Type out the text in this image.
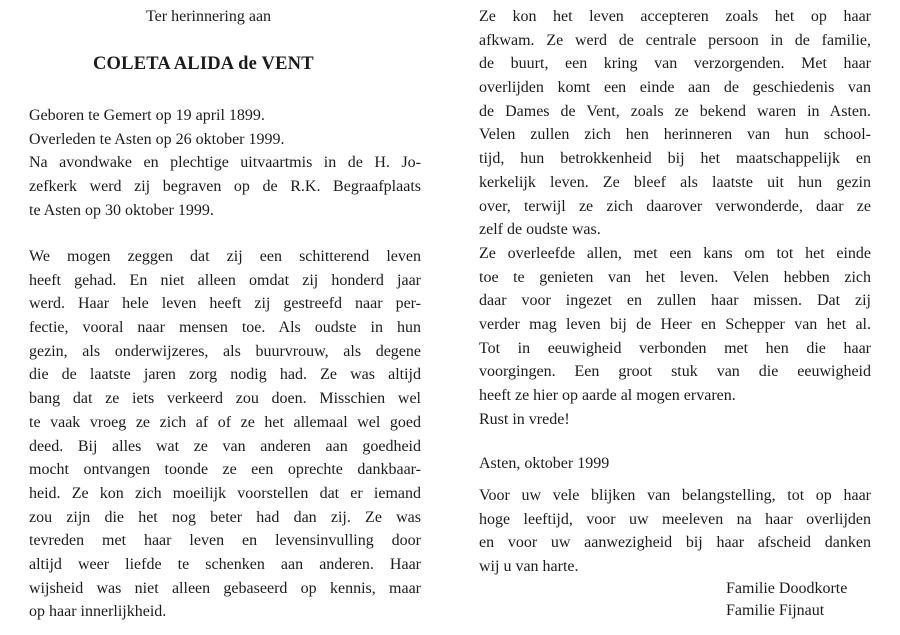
Ter herinnering aan
COLETA ALIDA de VENT
Geboren te Gemert op 19 april 1899.
Overleden te Asten op 26 oktober 1999.
Na avondwake en plechtige uitvaartmis in de H. Jo-
zefkerk werd zij begraven op de R.K. Begraafplaats
te Asten op 30 oktober 1999.
We mogen zeggen dat zij een schitterend leven
heeft gehad. En niet alleen omdat zij honderd jaar
werd. Haar hele leven heeft zij gestreefd naar per-
fectie, vooral naar mensen toe. Als oudste in hun
gezin, als onderwijzeres, als buurvrouw, als degene
die de laatste jaren zorg nodig had. Ze was altijd
bang dat ze iets verkeerd zou doen. Misschien wel
te vaak vroeg ze zich af of ze het allemaal wel goed
deed. Bij alles wat ze van anderen aan goedheid
mocht ontvangen toonde ze een oprechte dankbaar-
heid. Ze kon zich moeilijk voorstellen dat er iemand
zou zijn die het nog beter had dan zij. Ze was
tevreden met haar leven en levensinvulling door
altijd weer liefde te schenken aan anderen. Haar
wijsheid was niet alleen gebaseerd op kennis, maar
op haar innerlijkheid.
Ze kon het leven accepteren zoals het op haar
afkwam. Ze werd de centrale persoon in de familie,
de buurt, een kring van verzorgenden. Met haar
overlijden komt een einde aan de geschiedenis van
de Dames de Vent, zoals ze bekend waren in Asten.
Velen zullen zich hen herinneren van hun school-
tijd, hun betrokkenheid bij het maatschappelijk en
kerkelijk leven. Ze bleef als laatste uit hun gezin
over, terwijl ze zich daarover verwonderde, daar ze
zelf de oudste was.
Ze overleefde allen, met een kans om tot het einde
toe te genieten van het leven. Velen hebben zich
daar voor ingezet en zullen haar missen. Dat zij
verder mag leven bij de Heer en Schepper van het al.
Tot in eeuwigheid verbonden met hen die haar
voorgingen. Een groot stuk van die eeuwigheid
heeft ze hier op aarde al mogen ervaren.
Rust in vrede!
Asten, oktober 1999
Voor uw vele blijken van belangstelling, tot op haar
hoge leeftijd, voor uw meeleven na haar overlijden
en voor uw aanwezigheid bij haar afscheid danken
wij u van harte.
Familie Doodkorte
Familie Fijnaut
